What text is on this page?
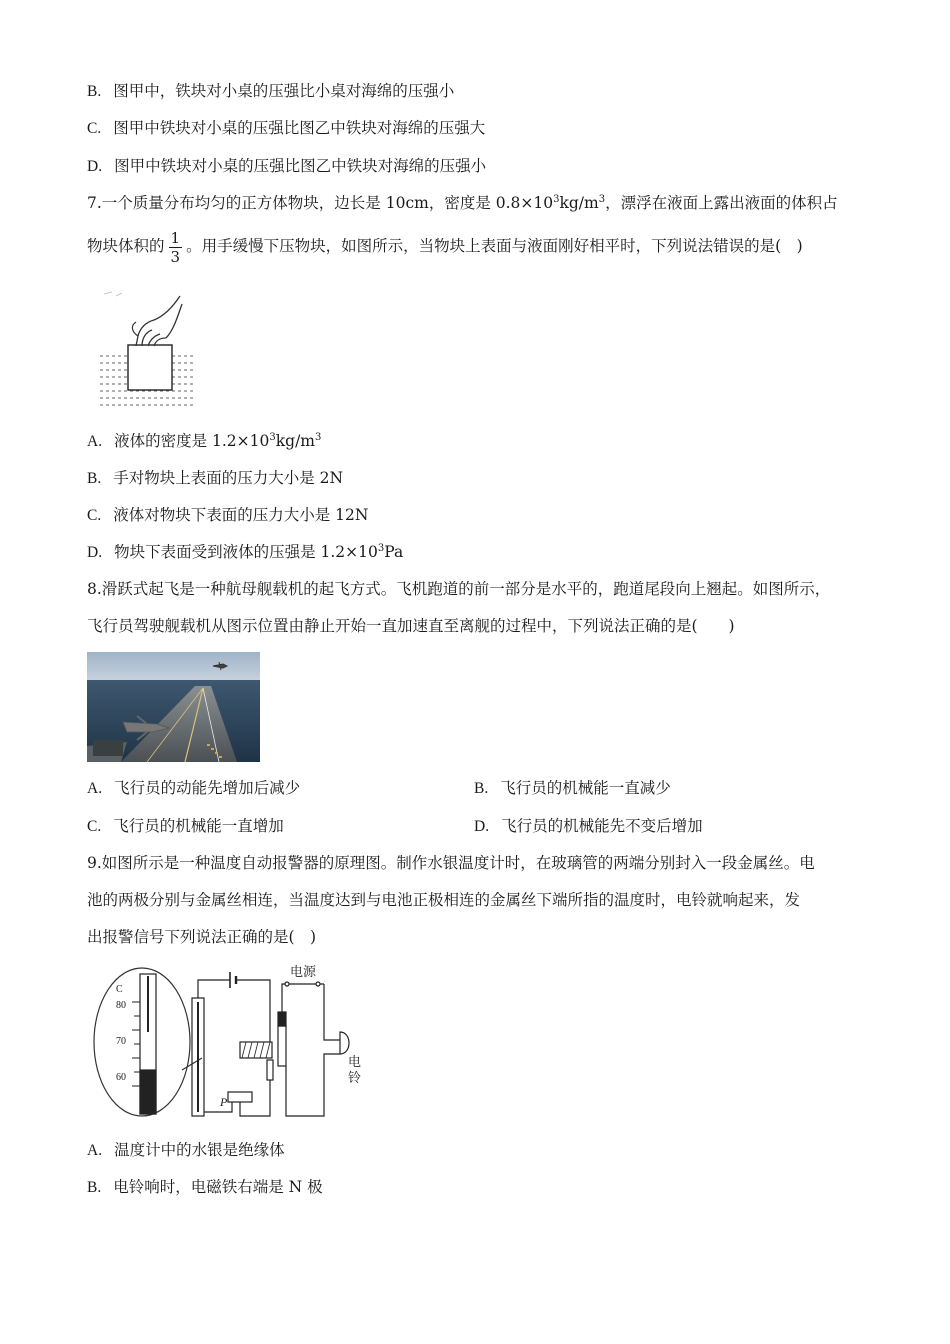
B. 图甲中，铁块对小桌的压强比小桌对海绵的压强小
C. 图甲中铁块对小桌的压强比图乙中铁块对海绵的压强大
D. 图甲中铁块对小桌的压强比图乙中铁块对海绵的压强小
7.一个质量分布均匀的正方体物块，边长是 10cm，密度是 $0.8\times 10^3kg/m^3$，漂浮在液面上露出液面的体积占
物块体积的 $\frac{1}{3}$ 。用手缓慢下压物块，如图所示，当物块上表面与液面刚好相平时，下列说法错误的是(　)
A. 液体的密度是 $1.2\times 10^3kg/m^3$
B. 手对物块上表面的压力大小是 2N
C. 液体对物块下表面的压力大小是 12N
D. 物块下表面受到液体的压强是 $1.2\times 10^3Pa$
8.滑跃式起飞是一种航母舰载机的起飞方式。飞机跑道的前一部分是水平的，跑道尾段向上翘起。如图所示，
飞行员驾驶舰载机从图示位置由静止开始一直加速直至离舰的过程中，下列说法正确的是(　　)
A. 飞行员的动能先增加后减少	B. 飞行员的机械能一直减少
C. 飞行员的机械能一直增加	D. 飞行员的机械能先不变后增加
9.如图所示是一种温度自动报警器的原理图。制作水银温度计时，在玻璃管的两端分别封入一段金属丝。电
池的两极分别与金属丝相连，当温度达到与电池正极相连的金属丝下端所指的温度时，电铃就响起来，发
出报警信号下列说法正确的是(　)
C
80
70
60
P
电源
电
铃
A. 温度计中的水银是绝缘体
B. 电铃响时，电磁铁右端是 N 极
